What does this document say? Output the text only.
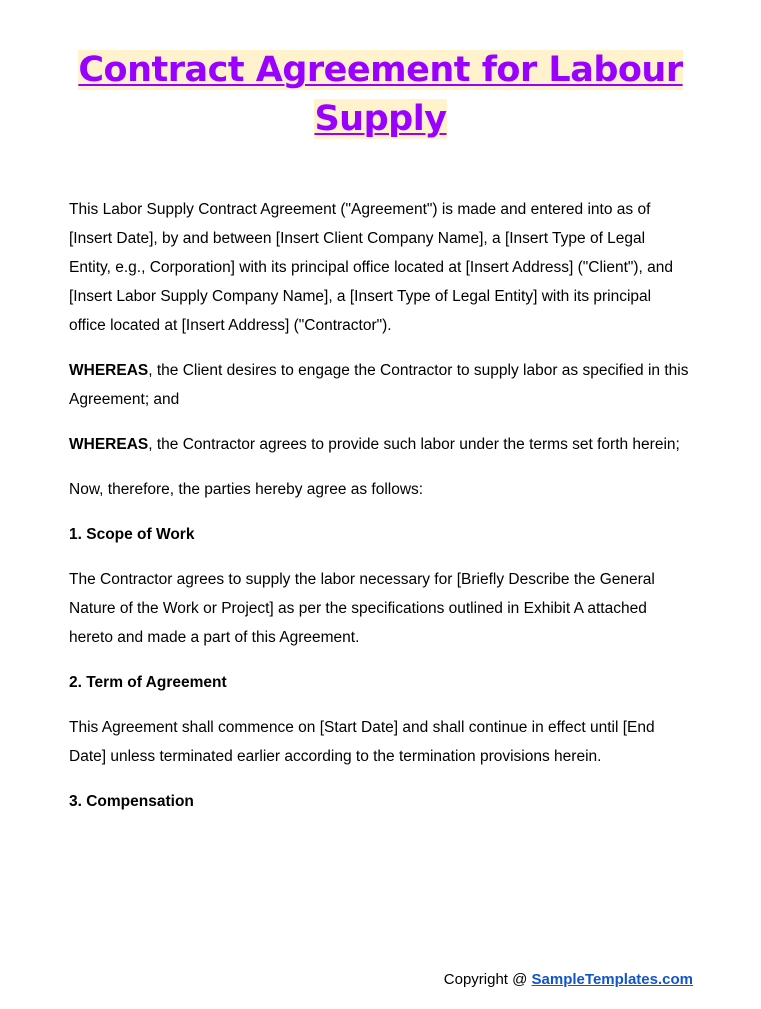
Contract Agreement for Labour Supply

This Labor Supply Contract Agreement ("Agreement") is made and entered into as of [Insert Date], by and between [Insert Client Company Name], a [Insert Type of Legal Entity, e.g., Corporation] with its principal office located at [Insert Address] ("Client"), and [Insert Labor Supply Company Name], a [Insert Type of Legal Entity] with its principal office located at [Insert Address] ("Contractor").

WHEREAS, the Client desires to engage the Contractor to supply labor as specified in this Agreement; and

WHEREAS, the Contractor agrees to provide such labor under the terms set forth herein;

Now, therefore, the parties hereby agree as follows:

1. Scope of Work

The Contractor agrees to supply the labor necessary for [Briefly Describe the General Nature of the Work or Project] as per the specifications outlined in Exhibit A attached hereto and made a part of this Agreement.

2. Term of Agreement

This Agreement shall commence on [Start Date] and shall continue in effect until [End Date] unless terminated earlier according to the termination provisions herein.

3. Compensation

Copyright @ SampleTemplates.com
